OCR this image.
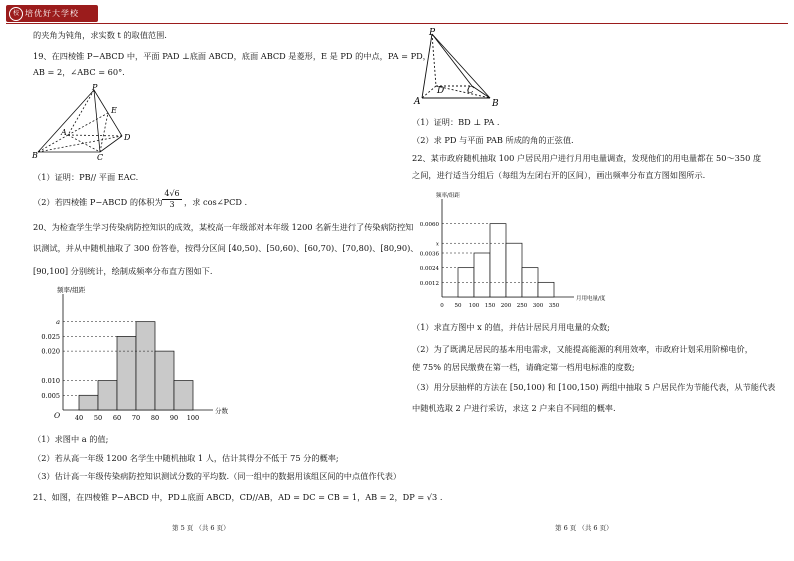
校 培优好大学校
的夹角为钝角，求实数 t 的取值范围.
19、在四棱锥 P−ABCD 中，平面 PAD ⊥底面 ABCD，底面 ABCD 是菱形，E 是 PD 的中点，PA = PD，
AB = 2，∠ABC = 60°.
P
E
A
D
B	C
（1）证明：PB// 平面 EAC.
（2）若四棱锥 P−ABCD 的体积为 $\frac{4√6}{3}$ ，求 cos∠PCD .
20、为检查学生学习传染病防控知识的成效，某校高一年级部对本年级 1200 名新生进行了传染病防控知
识测试，并从中随机抽取了 300 份答卷，按得分区间 [40,50)、[50,60)、[60,70)、[70,80)、[80,90)、
[90,100] 分别统计，绘制成频率分布直方图如下.
频率/组距
分数
O 40 50 60 70 80 90 100
a
0.025
0.020
0.010
0.005
（1）求图中 a 的值;
（2）若从高一年级 1200 名学生中随机抽取 1 人，估计其得分不低于 75 分的概率;
（3）估计高一年级传染病防控知识测试分数的平均数.（同一组中的数据用该组区间的中点值作代表）
21、如图，在四棱锥 P−ABCD 中，PD⊥底面 ABCD，CD//AB，AD = DC = CB = 1，AB = 2，DP = √3 .
第 5 页 （共 6 页）
P
A
D	C
B
（1）证明：BD ⊥ PA .
（2）求 PD 与平面 PAB 所成的角的正弦值.
22、某市政府随机抽取 100 户居民用户进行月用电量调查，发现他们的用电量都在 50～350 度
之间，进行适当分组后（每组为左闭右开的区间），画出频率分布直方图如图所示.
频率/组距
月用电量/度
0 50 100 150 200 250 300 350
0.0060
x
0.0036
0.0024
0.0012
（1）求直方图中 x 的值，并估计居民月用电量的众数;
（2）为了既满足居民的基本用电需求，又能提高能源的利用效率，市政府计划采用阶梯电价，
使 75% 的居民缴费在第一档，请确定第一档用电标准的度数;
（3）用分层抽样的方法在 [50,100) 和 [100,150) 两组中抽取 5 户居民作为节能代表，从节能代表
中随机选取 2 户进行采访，求这 2 户来自不同组的概率.
第 6 页 （共 6 页）
